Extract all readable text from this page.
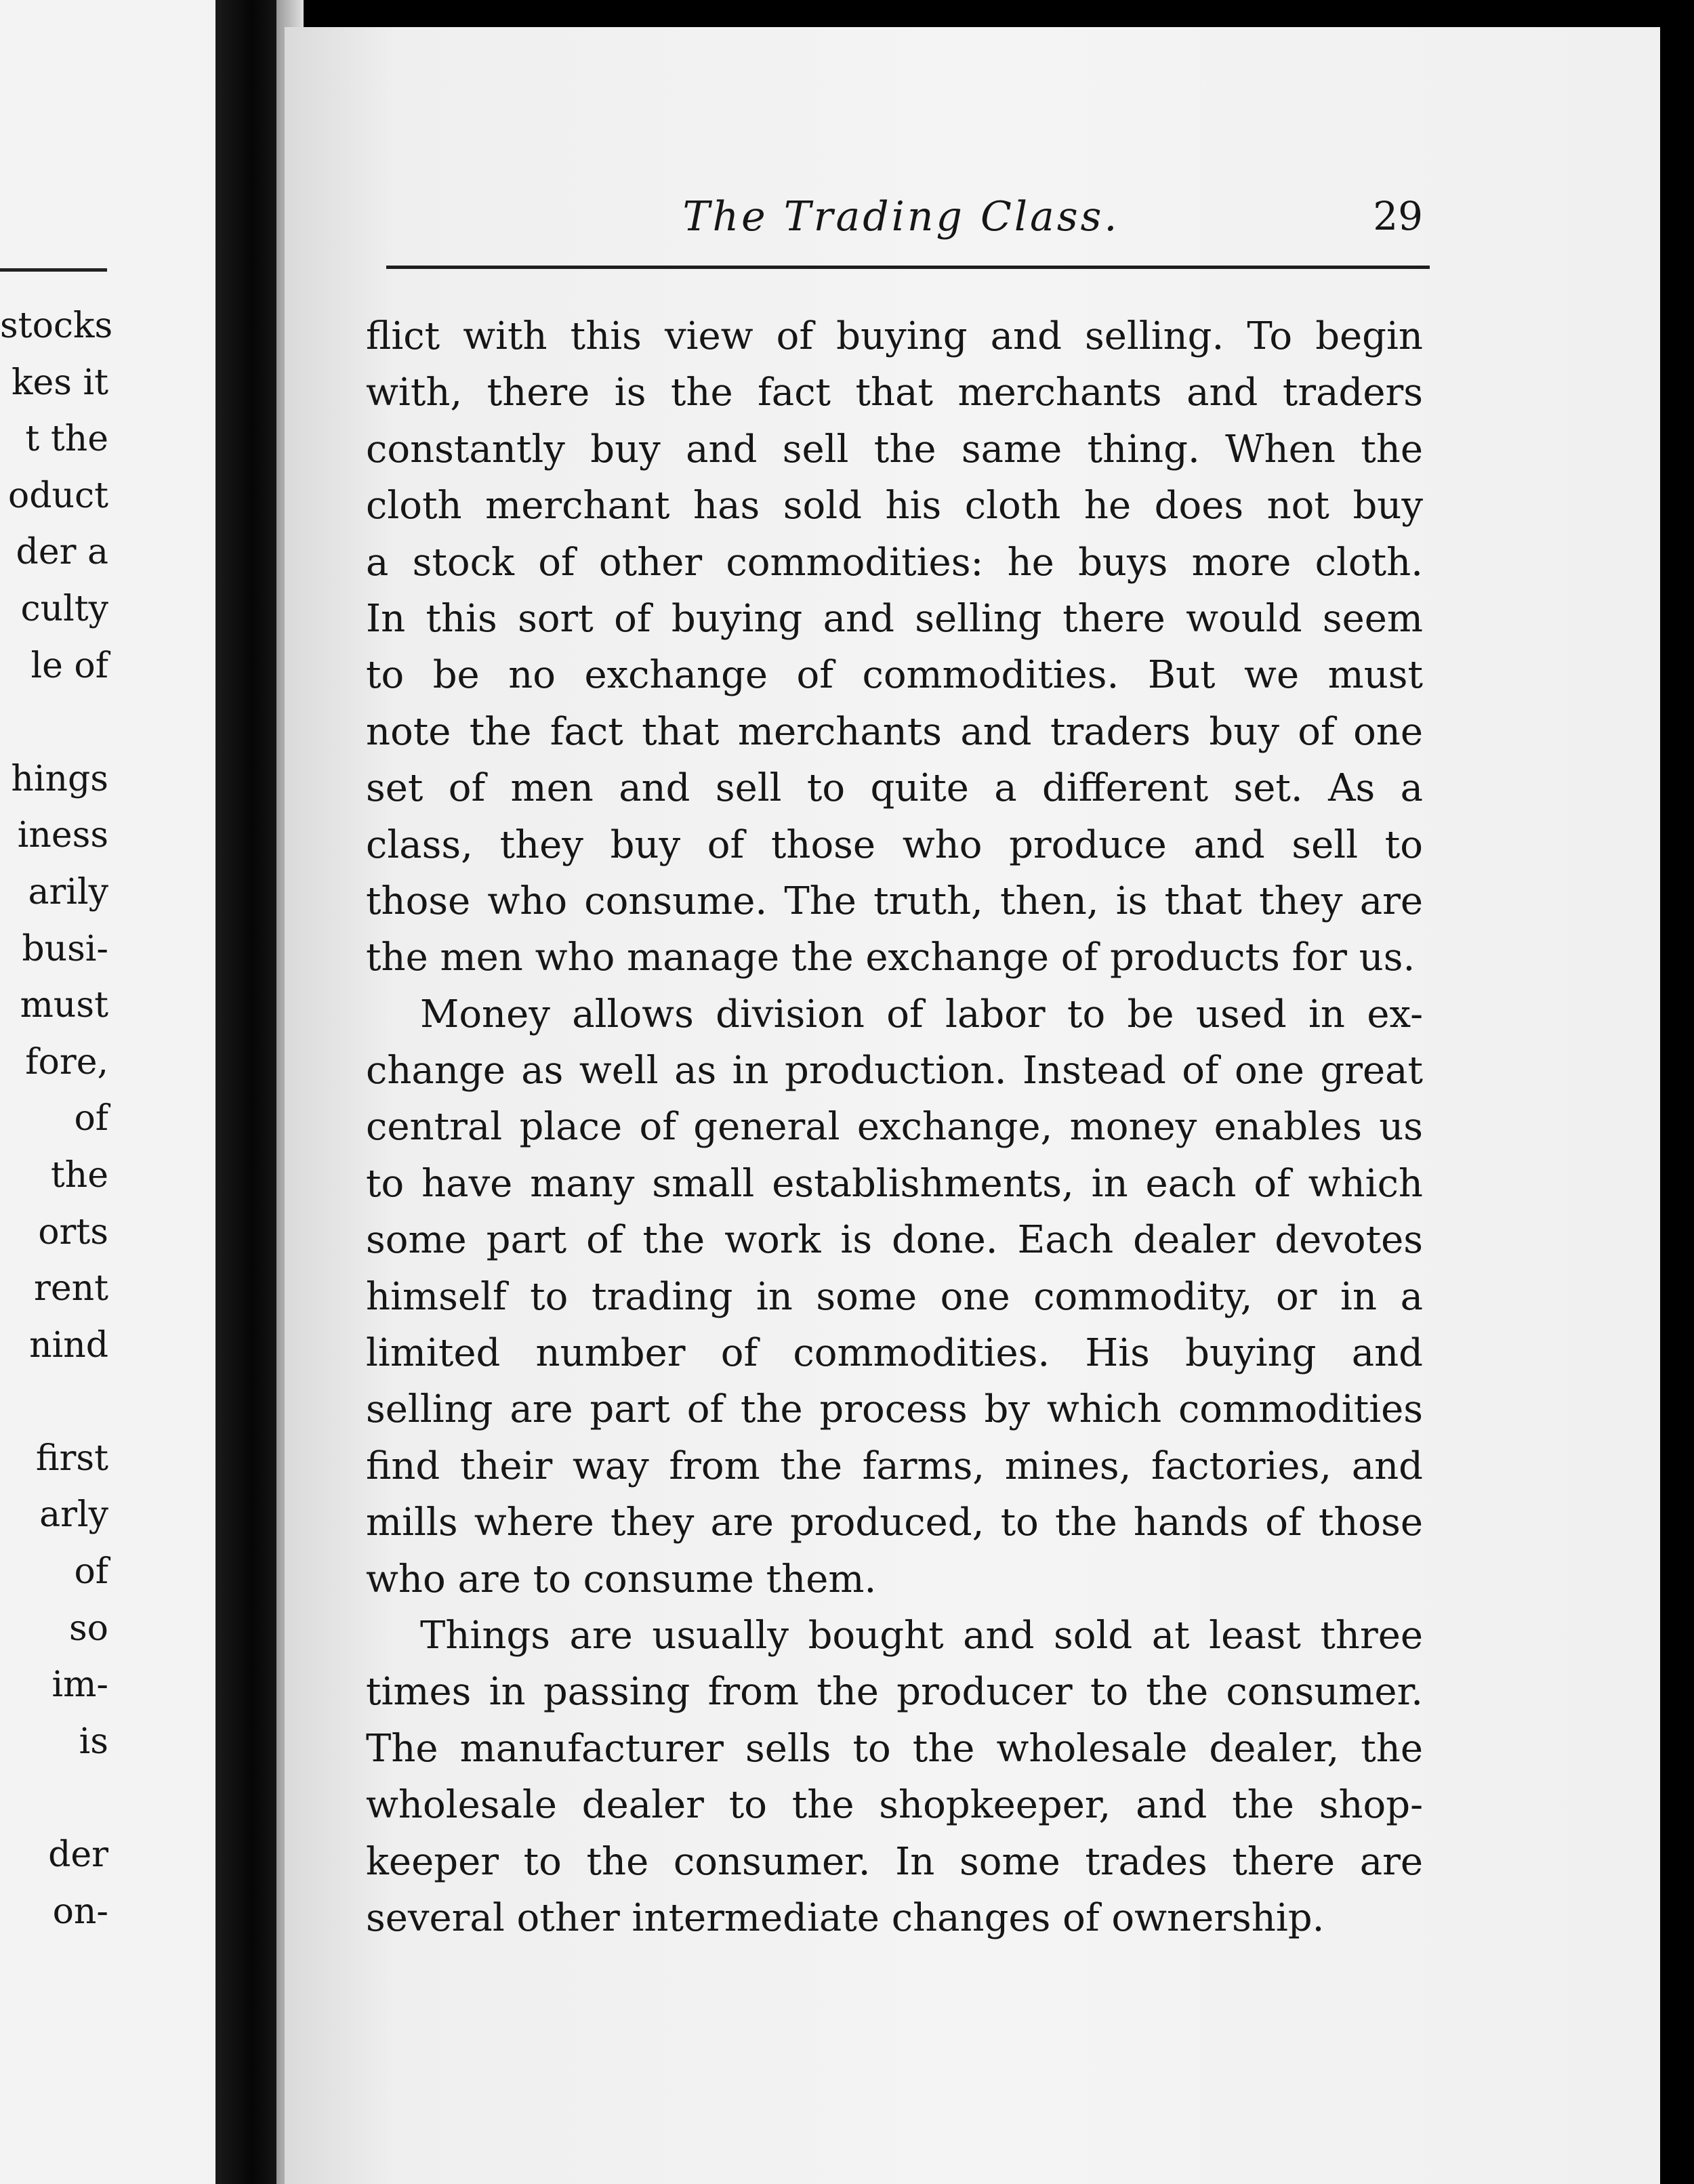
stocks
kes it
t the
oduct
der a
culty
le of
hings
iness
arily
busi-
must
fore,
of
the
orts
rent
nind
first
arly
of
so
im-
is
der
on-
The Trading Class.	29
flict with this view of buying and selling. To begin
with, there is the fact that merchants and traders
constantly buy and sell the same thing. When the
cloth merchant has sold his cloth he does not buy
a stock of other commodities: he buys more cloth.
In this sort of buying and selling there would seem
to be no exchange of commodities. But we must
note the fact that merchants and traders buy of one
set of men and sell to quite a different set. As a
class, they buy of those who produce and sell to
those who consume. The truth, then, is that they are
the men who manage the exchange of products for us.
Money allows division of labor to be used in ex-
change as well as in production. Instead of one great
central place of general exchange, money enables us
to have many small establishments, in each of which
some part of the work is done. Each dealer devotes
himself to trading in some one commodity, or in a
limited number of commodities. His buying and
selling are part of the process by which commodities
find their way from the farms, mines, factories, and
mills where they are produced, to the hands of those
who are to consume them.
Things are usually bought and sold at least three
times in passing from the producer to the consumer.
The manufacturer sells to the wholesale dealer, the
wholesale dealer to the shopkeeper, and the shop-
keeper to the consumer. In some trades there are
several other intermediate changes of ownership.
